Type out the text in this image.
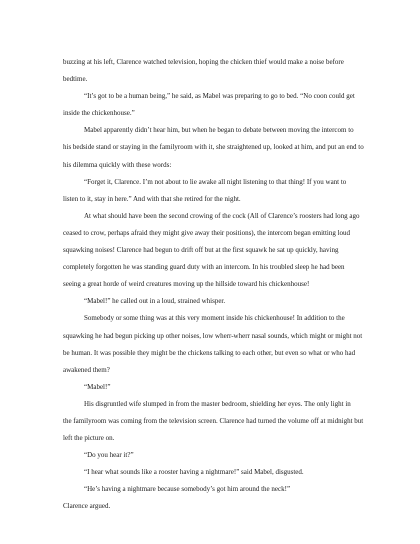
buzzing at his left, Clarence watched television, hoping the chicken thief would make a noise before
bedtime.
“It’s got to be a human being,” he said, as Mabel was preparing to go to bed. “No coon could get
inside the chickenhouse.”
Mabel apparently didn’t hear him, but when he began to debate between moving the intercom to
his bedside stand or staying in the familyroom with it, she straightened up, looked at him, and put an end to
his dilemma quickly with these words:
“Forget it, Clarence. I’m not about to lie awake all night listening to that thing! If you want to
listen to it, stay in here.” And with that she retired for the night.
At what should have been the second crowing of the cock (All of Clarence’s roosters had long ago
ceased to crow, perhaps afraid they might give away their positions), the intercom began emitting loud
squawking noises! Clarence had begun to drift off but at the first squawk he sat up quickly, having
completely forgotten he was standing guard duty with an intercom. In his troubled sleep he had been
seeing a great horde of weird creatures moving up the hillside toward his chickenhouse!
“Mabel!” he called out in a loud, strained whisper.
Somebody or some thing was at this very moment inside his chickenhouse! In addition to the
squawking he had begun picking up other noises, low wherr-wherr nasal sounds, which might or might not
be human. It was possible they might be the chickens talking to each other, but even so what or who had
awakened them?
“Mabel!”
His disgruntled wife slumped in from the master bedroom, shielding her eyes. The only light in
the familyroom was coming from the television screen. Clarence had turned the volume off at midnight but
left the picture on.
“Do you hear it?”
“I hear what sounds like a rooster having a nightmare!” said Mabel, disgusted.
“He’s having a nightmare because somebody’s got him around the neck!”
Clarence argued.
